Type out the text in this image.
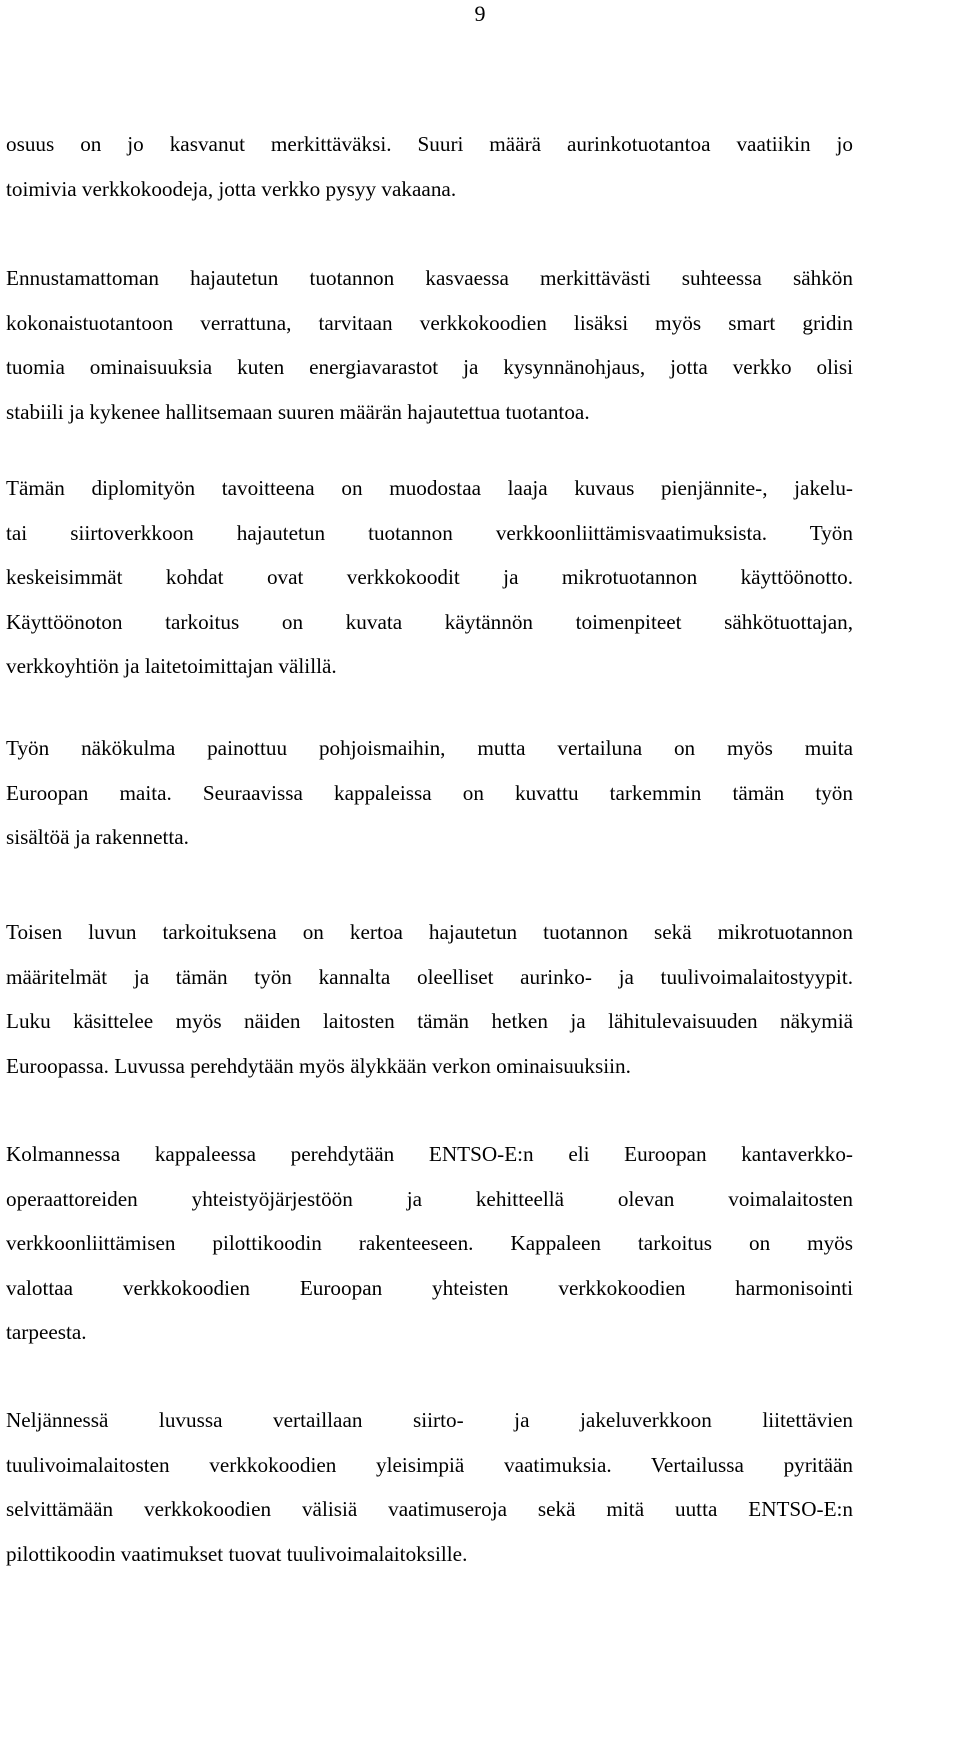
9
osuus on jo kasvanut merkittäväksi. Suuri määrä aurinkotuotantoa vaatiikin jo
toimivia verkkokoodeja, jotta verkko pysyy vakaana.
Ennustamattoman hajautetun tuotannon kasvaessa merkittävästi suhteessa sähkön
kokonaistuotantoon verrattuna, tarvitaan verkkokoodien lisäksi myös smart gridin
tuomia ominaisuuksia kuten energiavarastot ja kysynnänohjaus, jotta verkko olisi
stabiili ja kykenee hallitsemaan suuren määrän hajautettua tuotantoa.
Tämän diplomityön tavoitteena on muodostaa laaja kuvaus pienjännite-, jakelu-
tai siirtoverkkoon hajautetun tuotannon verkkoonliittämisvaatimuksista. Työn
keskeisimmät kohdat ovat verkkokoodit ja mikrotuotannon käyttöönotto.
Käyttöönoton tarkoitus on kuvata käytännön toimenpiteet sähkötuottajan,
verkkoyhtiön ja laitetoimittajan välillä.
Työn näkökulma painottuu pohjoismaihin, mutta vertailuna on myös muita
Euroopan maita. Seuraavissa kappaleissa on kuvattu tarkemmin tämän työn
sisältöä ja rakennetta.
Toisen luvun tarkoituksena on kertoa hajautetun tuotannon sekä mikrotuotannon
määritelmät ja tämän työn kannalta oleelliset aurinko- ja tuulivoimalaitostyypit.
Luku käsittelee myös näiden laitosten tämän hetken ja lähitulevaisuuden näkymiä
Euroopassa. Luvussa perehdytään myös älykkään verkon ominaisuuksiin.
Kolmannessa kappaleessa perehdytään ENTSO-E:n eli Euroopan kantaverkko-
operaattoreiden yhteistyöjärjestöön ja kehitteellä olevan voimalaitosten
verkkoonliittämisen pilottikoodin rakenteeseen. Kappaleen tarkoitus on myös
valottaa verkkokoodien Euroopan yhteisten verkkokoodien harmonisointi
tarpeesta.
Neljännessä luvussa vertaillaan siirto- ja jakeluverkkoon liitettävien
tuulivoimalaitosten verkkokoodien yleisimpiä vaatimuksia. Vertailussa pyritään
selvittämään verkkokoodien välisiä vaatimuseroja sekä mitä uutta ENTSO-E:n
pilottikoodin vaatimukset tuovat tuulivoimalaitoksille.
